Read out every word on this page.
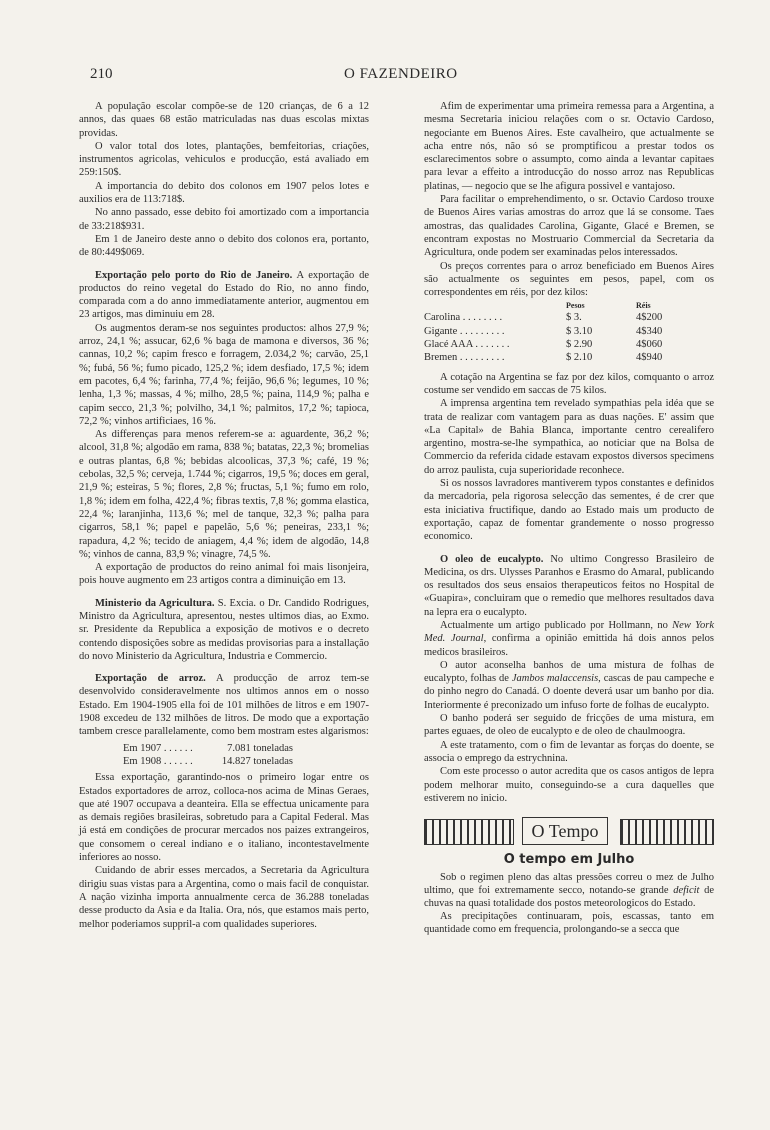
210	O FAZENDEIRO

A população escolar compõe-se de 120 crianças, de 6 a 12 annos, das quaes 68 estão matriculadas nas duas escolas mixtas providas.

O valor total dos lotes, plantações, bemfeitorias, criações, instrumentos agricolas, vehiculos e producção, está avaliado em 259:150$.

A importancia do debito dos colonos em 1907 pelos lotes e auxilios era de 113:718$.

No anno passado, esse debito foi amortizado com a importancia de 33:218$931.

Em 1 de Janeiro deste anno o debito dos colonos era, portanto, de 80:449$069.

Exportação pelo porto do Rio de Janeiro. A exportação de productos do reino vegetal do Estado do Rio, no anno findo, comparada com a do anno immediatamente anterior, augmentou em 23 artigos, mas diminuiu em 28.

Os augmentos deram-se nos seguintes productos: alhos 27,9 %; arroz, 24,1 %; assucar, 62,6 % baga de mamona e diversos, 36 %; cannas, 10,2 %; capim fresco e forragem, 2.034,2 %; carvão, 25,1 %; fubá, 56 %; fumo picado, 125,2 %; idem desfiado, 17,5 %; idem em pacotes, 6,4 %; farinha, 77,4 %; feijão, 96,6 %; legumes, 10 %; lenha, 1,3 %; massas, 4 %; milho, 28,5 %; paina, 114,9 %; palha e capim secco, 21,3 %; polvilho, 34,1 %; palmitos, 17,2 %; tapioca, 72,2 %; vinhos artificiaes, 16 %.

As differenças para menos referem-se a: aguardente, 36,2 %; alcool, 31,8 %; algodão em rama, 838 %; batatas, 22,3 %; bromelias e outras plantas, 6,8 %; bebidas alcoolicas, 37,3 %; café, 19 %; cebolas, 32,5 %; cerveja, 1.744 %; cigarros, 19,5 %; doces em geral, 21,9 %; esteiras, 5 %; flores, 2,8 %; fructas, 5,1 %; fumo em rolo, 1,8 %; idem em folha, 422,4 %; fibras textis, 7,8 %; gomma elastica, 22,4 %; laranjinha, 113,6 %; mel de tanque, 32,3 %; palha para cigarros, 58,1 %; papel e papelão, 5,6 %; peneiras, 233,1 %; rapadura, 4,2 %; tecido de aniagem, 4,4 %; idem de algodão, 14,8 %; vinhos de canna, 83,9 %; vinagre, 74,5 %.

A exportação de productos do reino animal foi mais lisonjeira, pois houve augmento em 23 artigos contra a diminuição em 13.

Ministerio da Agricultura. S. Excia. o Dr. Candido Rodrigues, Ministro da Agricultura, apresentou, nestes ultimos dias, ao Exmo. sr. Presidente da Republica a exposição de motivos e o decreto contendo disposições sobre as medidas provisorias para a installação do novo Ministerio da Agricultura, Industria e Commercio.

Exportação de arroz. A producção de arroz tem-se desenvolvido consideravelmente nos ultimos annos em o nosso Estado. Em 1904-1905 ella foi de 101 milhões de litros e em 1907-1908 excedeu de 132 milhões de litros. De modo que a exportação tambem cresce parallelamente, como bem mostram estes algarismos:

Em 1907 . . . . . .	7.081 toneladas
Em 1908 . . . . . .	14.827 toneladas

Essa exportação, garantindo-nos o primeiro logar entre os Estados exportadores de arroz, colloca-nos acima de Minas Geraes, que até 1907 occupava a deanteira. Ella se effectua unicamente para as demais regiões brasileiras, sobretudo para a Capital Federal. Mas já está em condições de procurar mercados nos paizes extrangeiros, que consomem o cereal indiano e o italiano, incontestavelmente inferiores ao nosso.

Cuidando de abrir esses mercados, a Secretaria da Agricultura dirigiu suas vistas para a Argentina, como o mais facil de conquistar. A nação vizinha importa annualmente cerca de 36.288 toneladas desse producto da Asia e da Italia. Ora, nós, que estamos mais perto, melhor poderiamos suppril-a com qualidades superiores.

Afim de experimentar uma primeira remessa para a Argentina, a mesma Secretaria iniciou relações com o sr. Octavio Cardoso, negociante em Buenos Aires. Este cavalheiro, que actualmente se acha entre nós, não só se promptificou a prestar todos os esclarecimentos sobre o assumpto, como ainda a levantar capitaes para levar a effeito a introducção do nosso arroz nas Republicas platinas, — negocio que se lhe afigura possivel e vantajoso.

Para facilitar o emprehendimento, o sr. Octavio Cardoso trouxe de Buenos Aires varias amostras do arroz que lá se consome. Taes amostras, das qualidades Carolina, Gigante, Glacé e Bremen, se encontram expostas no Mostruario Commercial da Secretaria da Agricultura, onde podem ser examinadas pelos interessados.

Os preços correntes para o arroz beneficiado em Buenos Aires são actualmente os seguintes em pesos, papel, com os correspondentes em réis, por dez kilos:

	Pesos	Réis
Carolina . . . . . . . .	$ 3.	4$200
Gigante . . . . . . . . .	$ 3.10	4$340
Glacé AAA . . . . . . .	$ 2.90	4$060
Bremen . . . . . . . . .	$ 2.10	4$940

A cotação na Argentina se faz por dez kilos, comquanto o arroz costume ser vendido em saccas de 75 kilos.

A imprensa argentina tem revelado sympathias pela idéa que se trata de realizar com vantagem para as duas nações. E' assim que «La Capital» de Bahia Blanca, importante centro cerealifero argentino, mostra-se-lhe sympathica, ao noticiar que na Bolsa de Commercio da referida cidade estavam expostos diversos specimens do arroz paulista, cuja superioridade reconhece.

Si os nossos lavradores mantiverem typos constantes e definidos da mercadoria, pela rigorosa selecção das sementes, é de crer que esta iniciativa fructifique, dando ao Estado mais um producto de exportação, capaz de fomentar grandemente o nosso progresso economico.

O oleo de eucalypto. No ultimo Congresso Brasileiro de Medicina, os drs. Ulysses Paranhos e Erasmo do Amaral, publicando os resultados dos seus ensaios therapeuticos feitos no Hospital de «Guapira», concluiram que o remedio que melhores resultados dava na lepra era o eucalypto.

Actualmente um artigo publicado por Hollmann, no New York Med. Journal, confirma a opinião emittida há dois annos pelos medicos brasileiros.

O autor aconselha banhos de uma mistura de folhas de eucalypto, folhas de Jambos malaccensis, cascas de pau campeche e do pinho negro do Canadá. O doente deverá usar um banho por dia. Interiormente é preconizado um infuso forte de folhas de eucalypto.

O banho poderá ser seguido de fricções de uma mistura, em partes eguaes, de oleo de eucalypto e de oleo de chaulmoogra.

A este tratamento, com o fim de levantar as forças do doente, se associa o emprego da estrychnina.

Com este processo o autor acredita que os casos antigos de lepra podem melhorar muito, conseguindo-se a cura daquelles que estiverem no inicio.

O Tempo
O tempo em Julho

Sob o regimen pleno das altas pressões correu o mez de Julho ultimo, que foi extremamente secco, notando-se grande deficit de chuvas na quasi totalidade dos postos meteorologicos do Estado.

As precipitações continuaram, pois, escassas, tanto em quantidade como em frequencia, prolongando-se a secca que
